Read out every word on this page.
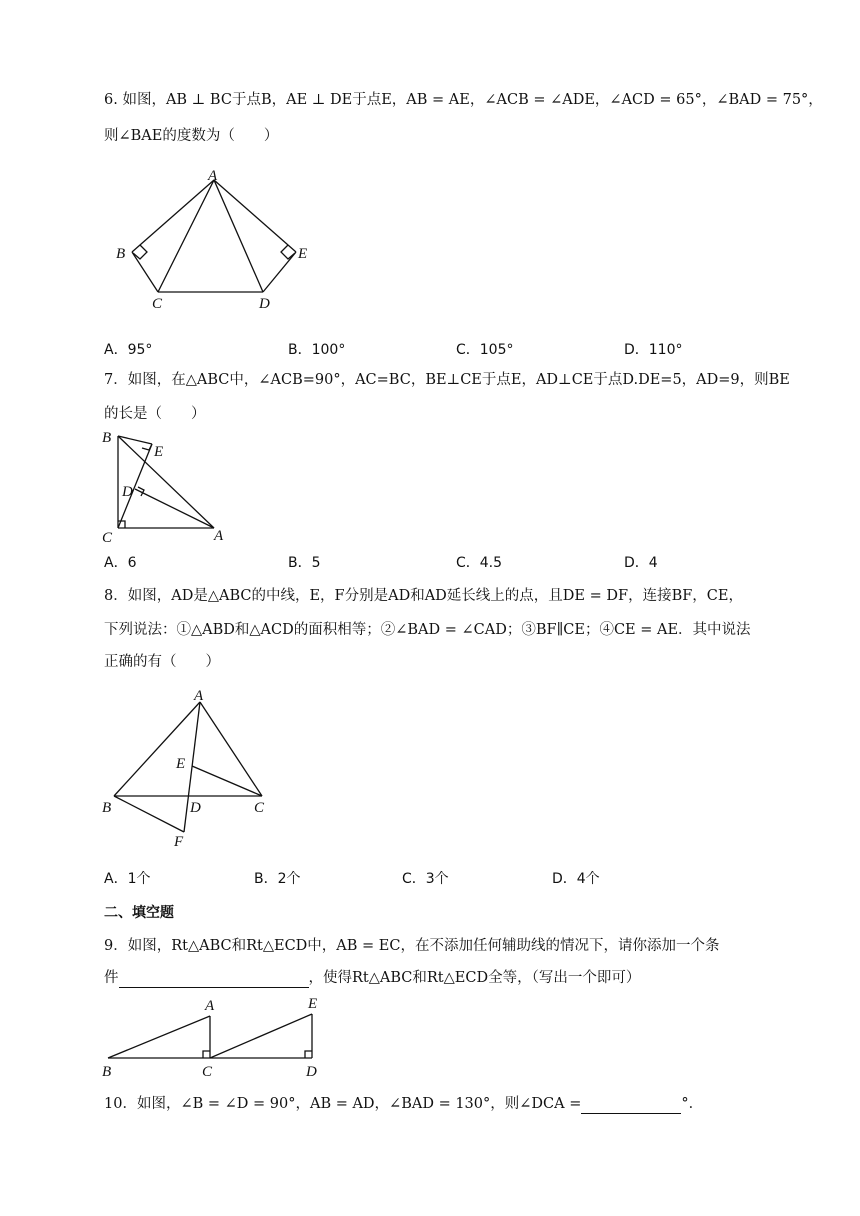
6. 如图，AB ⊥ BC于点B，AE ⊥ DE于点E，AB = AE，∠ACB = ∠ADE，∠ACD = 65°，∠BAD = 75°，
则∠BAE的度数为（　　）
A
B
C	D
E
A．95°	B．100°	C．105°	D．110°
7．如图，在△ABC中，∠ACB=90°，AC=BC，BE⊥CE于点E，AD⊥CE于点D.DE=5，AD=9，则BE
的长是（　　）
B
E
D
C	A
A．6	B．5	C．4.5	D．4
8．如图，AD是△ABC的中线，E，F分别是AD和AD延长线上的点，且DE = DF，连接BF，CE，
下列说法：①△ABD和△ACD的面积相等；②∠BAD = ∠CAD；③BF∥CE；④CE = AE．其中说法
正确的有（　　）
A
E
B	D	C
F
A．1个	B．2个	C．3个	D．4个
二、填空题
9．如图，Rt△ABC和Rt△ECD中，AB = EC，在不添加任何辅助线的情况下，请你添加一个条
件	，使得Rt△ABC和Rt△ECD全等，（写出一个即可）
A	E
B	C	D
10．如图，∠B = ∠D = 90°，AB = AD，∠BAD = 130°，则∠DCA =	°．
